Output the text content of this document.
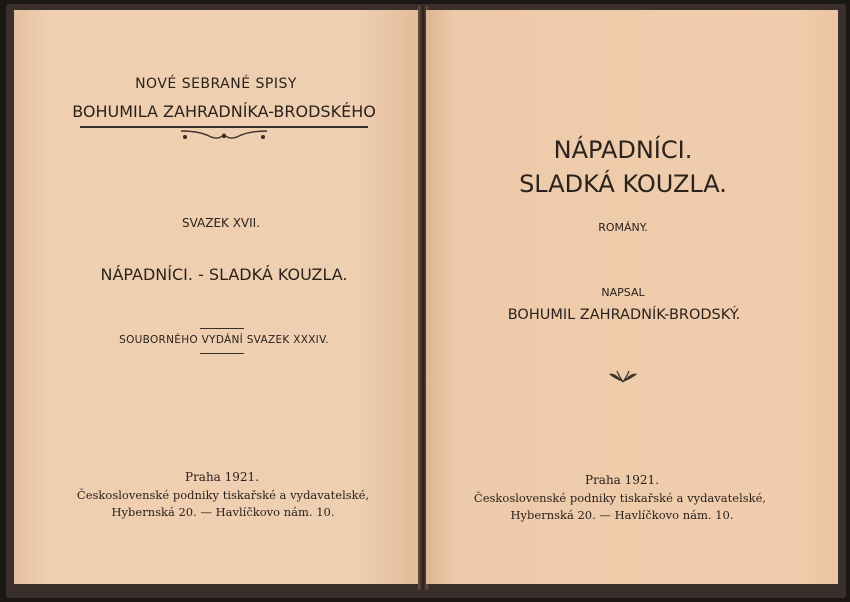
NOVÉ SEBRANÉ SPISY
BOHUMILA ZAHRADNÍKA-BRODSKÉHO
SVAZEK XVII.
NÁPADNÍCI. - SLADKÁ KOUZLA.
SOUBORNÉHO VYDÁNÍ SVAZEK XXXIV.
Praha 1921.
Československé podniky tiskařské a vydavatelské,
Hybernská 20. — Havlíčkovo nám. 10.
NÁPADNÍCI.
SLADKÁ KOUZLA.
ROMÁNY.
NAPSAL
BOHUMIL ZAHRADNÍK-BRODSKÝ.
Praha 1921.
Československé podniky tiskařské a vydavatelské,
Hybernská 20. — Havlíčkovo nám. 10.
